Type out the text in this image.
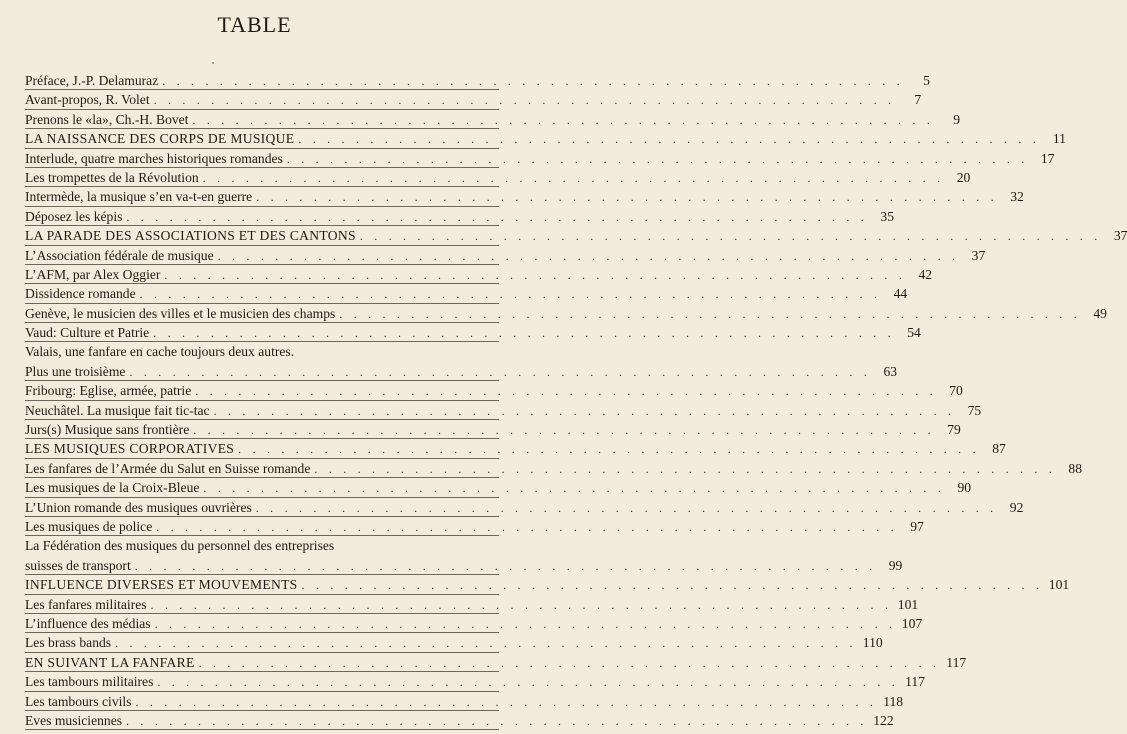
TABLE
Préface, J.-P. Delamuraz . . . . . . . . . . . . . . . . . . . . . . . . . . . . . . . . . . . . . . . . . . . . . . . . . . . .	5
Avant-propos, R. Volet . . . . . . . . . . . . . . . . . . . . . . . . . . . . . . . . . . . . . . . . . . . . . . . . . . . .	7
Prenons le «la», Ch.-H. Bovet . . . . . . . . . . . . . . . . . . . . . . . . . . . . . . . . . . . . . . . . . . . . . . . . . . . .	9
LA NAISSANCE DES CORPS DE MUSIQUE . . . . . . . . . . . . . . . . . . . . . . . . . . . . . . . . . . . . . . . . . . . . . . . . . . . . 11
Interlude, quatre marches historiques romandes . . . . . . . . . . . . . . . . . . . . . . . . . . . . . . . . . . . . . . . . . . . . . . . . . . . . 17
Les trompettes de la Révolution . . . . . . . . . . . . . . . . . . . . . . . . . . . . . . . . . . . . . . . . . . . . . . . . . . . . 20
Intermède, la musique s’en va-t-en guerre . . . . . . . . . . . . . . . . . . . . . . . . . . . . . . . . . . . . . . . . . . . . . . . . . . . . 32
Déposez les képis . . . . . . . . . . . . . . . . . . . . . . . . . . . . . . . . . . . . . . . . . . . . . . . . . . . . 35
LA PARADE DES ASSOCIATIONS ET DES CANTONS . . . . . . . . . . . . . . . . . . . . . . . . . . . . . . . . . . . . . . . . . . . . . . . . . . . . 37
L’Association fédérale de musique . . . . . . . . . . . . . . . . . . . . . . . . . . . . . . . . . . . . . . . . . . . . . . . . . . . . 37
L’AFM, par Alex Oggier . . . . . . . . . . . . . . . . . . . . . . . . . . . . . . . . . . . . . . . . . . . . . . . . . . . . 42
Dissidence romande . . . . . . . . . . . . . . . . . . . . . . . . . . . . . . . . . . . . . . . . . . . . . . . . . . . . 44
Genève, le musicien des villes et le musicien des champs . . . . . . . . . . . . . . . . . . . . . . . . . . . . . . . . . . . . . . . . . . . . . . . . . . . . 49
Vaud: Culture et Patrie . . . . . . . . . . . . . . . . . . . . . . . . . . . . . . . . . . . . . . . . . . . . . . . . . . . . 54
Valais, une fanfare en cache toujours deux autres.
Plus une troisième . . . . . . . . . . . . . . . . . . . . . . . . . . . . . . . . . . . . . . . . . . . . . . . . . . . . 63
Fribourg: Eglise, armée, patrie . . . . . . . . . . . . . . . . . . . . . . . . . . . . . . . . . . . . . . . . . . . . . . . . . . . . 70
Neuchâtel. La musique fait tic-tac . . . . . . . . . . . . . . . . . . . . . . . . . . . . . . . . . . . . . . . . . . . . . . . . . . . . 75
Jurs(s) Musique sans frontière . . . . . . . . . . . . . . . . . . . . . . . . . . . . . . . . . . . . . . . . . . . . . . . . . . . . 79
LES MUSIQUES CORPORATIVES . . . . . . . . . . . . . . . . . . . . . . . . . . . . . . . . . . . . . . . . . . . . . . . . . . . . 87
Les fanfares de l’Armée du Salut en Suisse romande . . . . . . . . . . . . . . . . . . . . . . . . . . . . . . . . . . . . . . . . . . . . . . . . . . . . 88
Les musiques de la Croix-Bleue . . . . . . . . . . . . . . . . . . . . . . . . . . . . . . . . . . . . . . . . . . . . . . . . . . . . 90
L’Union romande des musiques ouvrières . . . . . . . . . . . . . . . . . . . . . . . . . . . . . . . . . . . . . . . . . . . . . . . . . . . . 92
Les musiques de police . . . . . . . . . . . . . . . . . . . . . . . . . . . . . . . . . . . . . . . . . . . . . . . . . . . . 97
La Fédération des musiques du personnel des entreprises
suisses de transport . . . . . . . . . . . . . . . . . . . . . . . . . . . . . . . . . . . . . . . . . . . . . . . . . . . . 99
INFLUENCE DIVERSES ET MOUVEMENTS . . . . . . . . . . . . . . . . . . . . . . . . . . . . . . . . . . . . . . . . . . . . . . . . . . . . 101
Les fanfares militaires . . . . . . . . . . . . . . . . . . . . . . . . . . . . . . . . . . . . . . . . . . . . . . . . . . . . 101
L’influence des médias . . . . . . . . . . . . . . . . . . . . . . . . . . . . . . . . . . . . . . . . . . . . . . . . . . . . 107
Les brass bands . . . . . . . . . . . . . . . . . . . . . . . . . . . . . . . . . . . . . . . . . . . . . . . . . . . . 110
EN SUIVANT LA FANFARE . . . . . . . . . . . . . . . . . . . . . . . . . . . . . . . . . . . . . . . . . . . . . . . . . . . . 117
Les tambours militaires . . . . . . . . . . . . . . . . . . . . . . . . . . . . . . . . . . . . . . . . . . . . . . . . . . . . 117
Les tambours civils . . . . . . . . . . . . . . . . . . . . . . . . . . . . . . . . . . . . . . . . . . . . . . . . . . . . 118
Eves musiciennes . . . . . . . . . . . . . . . . . . . . . . . . . . . . . . . . . . . . . . . . . . . . . . . . . . . . 122
